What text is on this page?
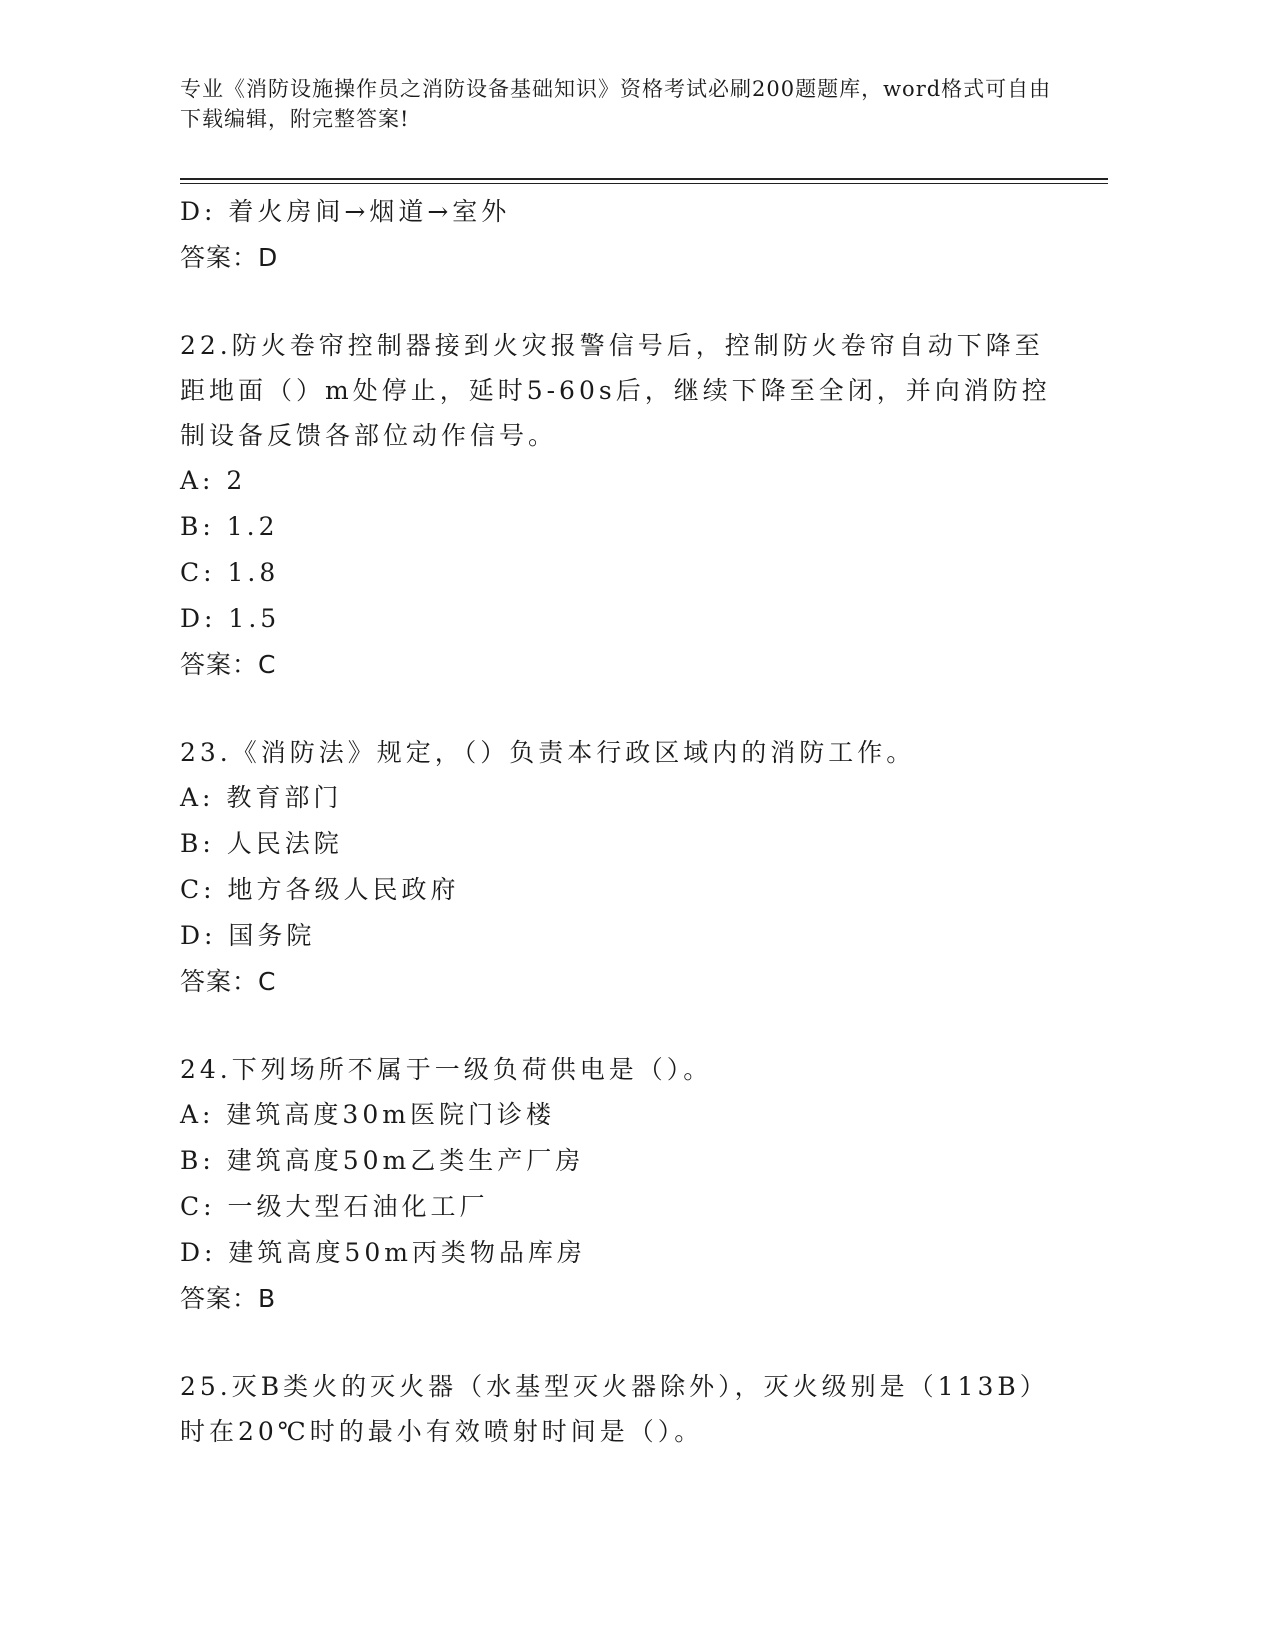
专业《消防设施操作员之消防设备基础知识》资格考试必刷200题题库，word格式可自由下载编辑，附完整答案!

D: 着火房间→烟道→室外

答案：D

22.防火卷帘控制器接到火灾报警信号后，控制防火卷帘自动下降至距地面（）m处停止，延时5-60s后，继续下降至全闭，并向消防控制设备反馈各部位动作信号。

A: 2

B: 1.2

C: 1.8

D: 1.5

答案：C

23.《消防法》规定，（）负责本行政区域内的消防工作。

A: 教育部门

B: 人民法院

C: 地方各级人民政府

D: 国务院

答案：C

24.下列场所不属于一级负荷供电是（）。

A: 建筑高度30m医院门诊楼

B: 建筑高度50m乙类生产厂房

C: 一级大型石油化工厂

D: 建筑高度50m丙类物品库房

答案：B

25.灭B类火的灭火器（水基型灭火器除外），灭火级别是（113B）时在20℃时的最小有效喷射时间是（）。
